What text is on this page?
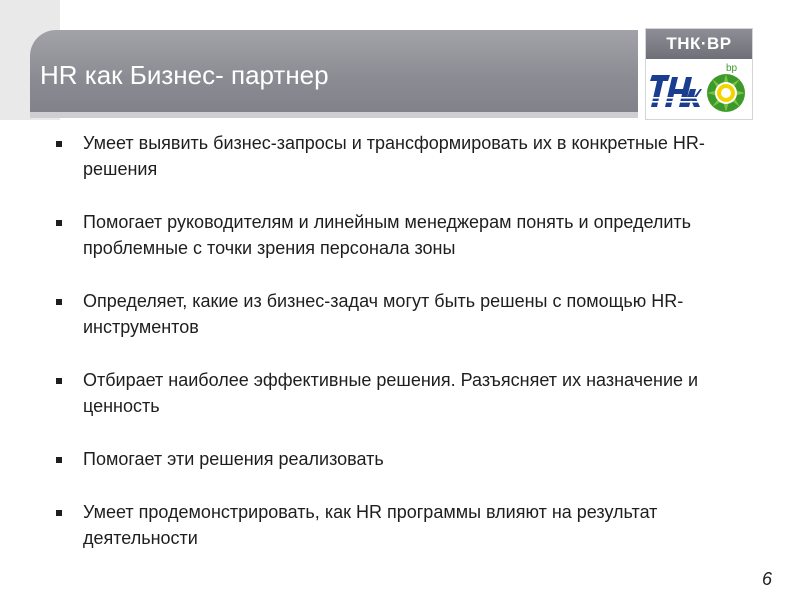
HR как Бизнес- партнер
ТНК·ВР
bp
Умеет выявить бизнес-запросы и трансформировать их в конкретные HR-решения
Помогает руководителям и линейным менеджерам понять и определить проблемные с точки зрения персонала зоны
Определяет, какие из бизнес-задач могут быть решены с помощью HR-инструментов
Отбирает наиболее эффективные решения. Разъясняет их назначение и ценность
Помогает эти решения реализовать
Умеет продемонстрировать, как HR программы влияют на результат деятельности
6
